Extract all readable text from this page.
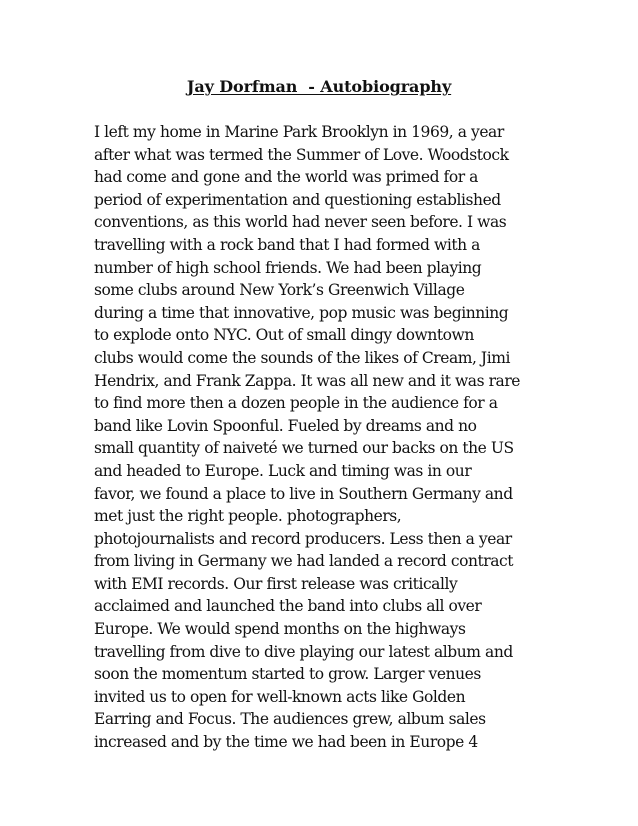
Jay Dorfman  - Autobiography
I left my home in Marine Park Brooklyn in 1969, a year
after what was termed the Summer of Love. Woodstock
had come and gone and the world was primed for a
period of experimentation and questioning established
conventions, as this world had never seen before. I was
travelling with a rock band that I had formed with a
number of high school friends. We had been playing
some clubs around New York’s Greenwich Village
during a time that innovative, pop music was beginning
to explode onto NYC. Out of small dingy downtown
clubs would come the sounds of the likes of Cream, Jimi
Hendrix, and Frank Zappa. It was all new and it was rare
to find more then a dozen people in the audience for a
band like Lovin Spoonful. Fueled by dreams and no
small quantity of naiveté we turned our backs on the US
and headed to Europe. Luck and timing was in our
favor, we found a place to live in Southern Germany and
met just the right people. photographers,
photojournalists and record producers. Less then a year
from living in Germany we had landed a record contract
with EMI records. Our first release was critically
acclaimed and launched the band into clubs all over
Europe. We would spend months on the highways
travelling from dive to dive playing our latest album and
soon the momentum started to grow. Larger venues
invited us to open for well-known acts like Golden
Earring and Focus. The audiences grew, album sales
increased and by the time we had been in Europe 4
